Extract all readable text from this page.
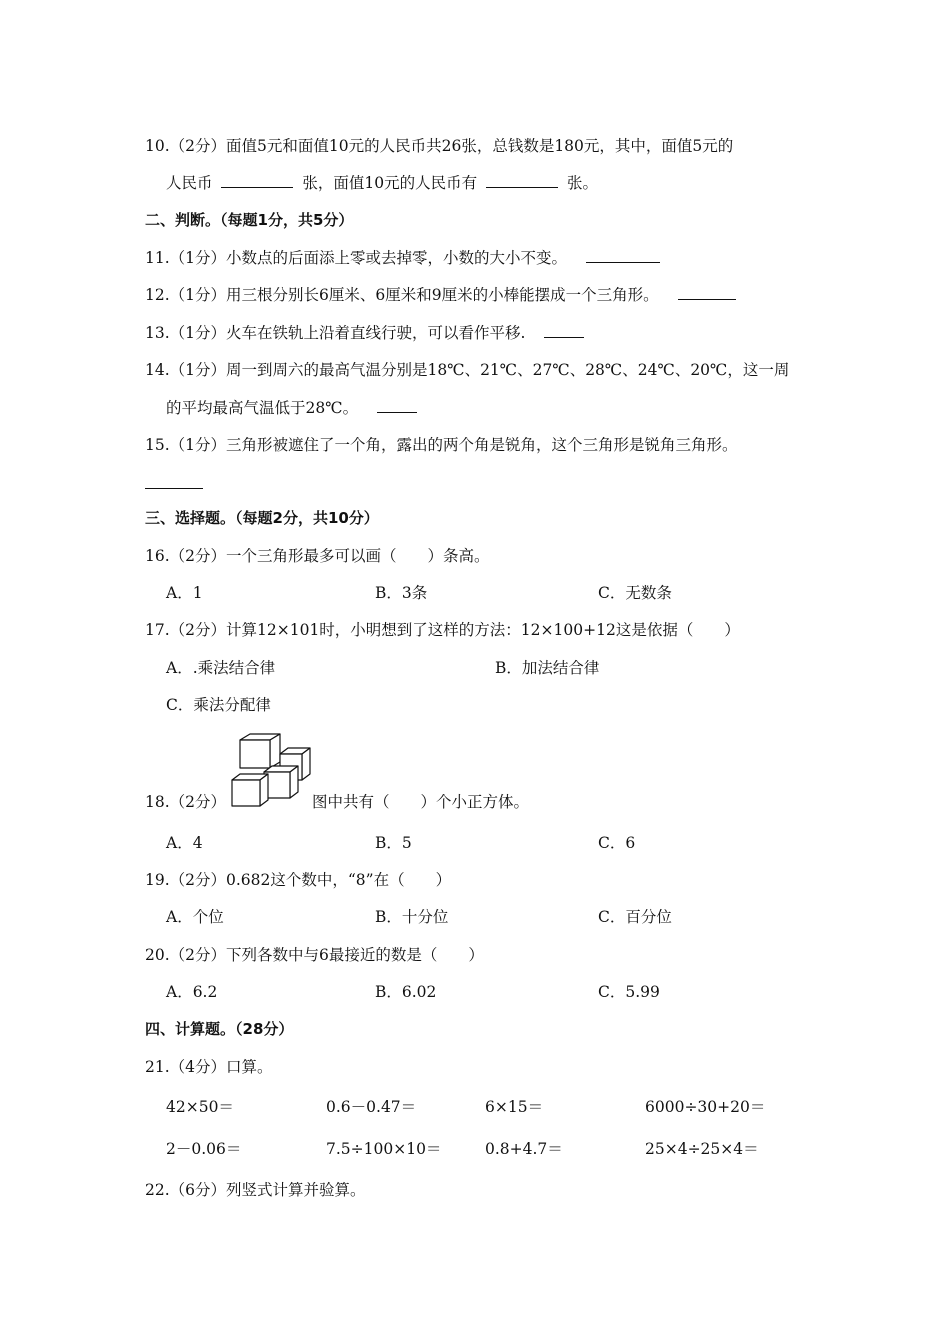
10.（2分）面值5元和面值10元的人民币共26张，总钱数是180元，其中，面值5元的
人民币	张，面值10元的人民币有	张。
二、判断。（每题1分，共5分）
11.（1分）小数点的后面添上零或去掉零，小数的大小不变。
12.（1分）用三根分别长6厘米、6厘米和9厘米的小棒能摆成一个三角形。
13.（1分）火车在铁轨上沿着直线行驶，可以看作平移.
14.（1分）周一到周六的最高气温分别是18℃、21℃、27℃、28℃、24℃、20℃，这一周
的平均最高气温低于28℃。
15.（1分）三角形被遮住了一个角，露出的两个角是锐角，这个三角形是锐角三角形。
三、选择题。（每题2分，共10分）
16.（2分）一个三角形最多可以画（　　）条高。
A．1	B．3条	C．无数条
17.（2分）计算12×101时，小明想到了这样的方法：12×100+12这是依据（　　）
A．.乘法结合律	B．加法结合律
C．乘法分配律
18.（2分）	图中共有（　　）个小正方体。
A．4	B．5	C．6
19.（2分）0.682这个数中，“8”在（　　）
A．个位	B．十分位	C．百分位
20.（2分）下列各数中与6最接近的数是（　　）
A．6.2	B．6.02	C．5.99
四、计算题。（28分）
21.（4分）口算。
42×50＝	0.6－0.47＝	6×15＝	6000÷30+20＝
2－0.06＝	7.5÷100×10＝	0.8+4.7＝	25×4÷25×4＝
22.（6分）列竖式计算并验算。
